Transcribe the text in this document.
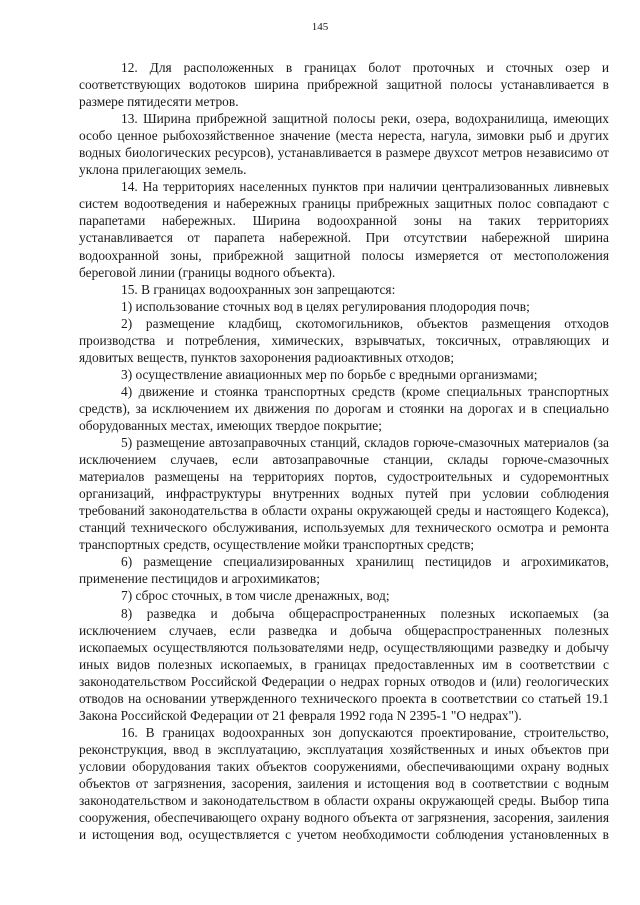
145

12. Для расположенных в границах болот проточных и сточных озер и соответствующих водотоков ширина прибрежной защитной полосы устанавливается в размере пятидесяти метров.

13. Ширина прибрежной защитной полосы реки, озера, водохранилища, имеющих особо ценное рыбохозяйственное значение (места нереста, нагула, зимовки рыб и других водных биологических ресурсов), устанавливается в размере двухсот метров независимо от уклона прилегающих земель.

14. На территориях населенных пунктов при наличии централизованных ливневых систем водоотведения и набережных границы прибрежных защитных полос совпадают с парапетами набережных. Ширина водоохранной зоны на таких территориях устанавливается от парапета набережной. При отсутствии набережной ширина водоохранной зоны, прибрежной защитной полосы измеряется от местоположения береговой линии (границы водного объекта).

15. В границах водоохранных зон запрещаются:

1) использование сточных вод в целях регулирования плодородия почв;

2) размещение кладбищ, скотомогильников, объектов размещения отходов производства и потребления, химических, взрывчатых, токсичных, отравляющих и ядовитых веществ, пунктов захоронения радиоактивных отходов;

3) осуществление авиационных мер по борьбе с вредными организмами;

4) движение и стоянка транспортных средств (кроме специальных транспортных средств), за исключением их движения по дорогам и стоянки на дорогах и в специально оборудованных местах, имеющих твердое покрытие;

5) размещение автозаправочных станций, складов горюче-смазочных материалов (за исключением случаев, если автозаправочные станции, склады горюче-смазочных материалов размещены на территориях портов, судостроительных и судоремонтных организаций, инфраструктуры внутренних водных путей при условии соблюдения требований законодательства в области охраны окружающей среды и настоящего Кодекса), станций технического обслуживания, используемых для технического осмотра и ремонта транспортных средств, осуществление мойки транспортных средств;

6) размещение специализированных хранилищ пестицидов и агрохимикатов, применение пестицидов и агрохимикатов;

7) сброс сточных, в том числе дренажных, вод;

8) разведка и добыча общераспространенных полезных ископаемых (за исключением случаев, если разведка и добыча общераспространенных полезных ископаемых осуществляются пользователями недр, осуществляющими разведку и добычу иных видов полезных ископаемых, в границах предоставленных им в соответствии с законодательством Российской Федерации о недрах горных отводов и (или) геологических отводов на основании утвержденного технического проекта в соответствии со статьей 19.1 Закона Российской Федерации от 21 февраля 1992 года N 2395-1 "О недрах").

16. В границах водоохранных зон допускаются проектирование, строительство, реконструкция, ввод в эксплуатацию, эксплуатация хозяйственных и иных объектов при условии оборудования таких объектов сооружениями, обеспечивающими охрану водных объектов от загрязнения, засорения, заиления и истощения вод в соответствии с водным законодательством и законодательством в области охраны окружающей среды. Выбор типа сооружения, обеспечивающего охрану водного объекта от загрязнения, засорения, заиления и истощения вод, осуществляется с учетом необходимости соблюдения установленных в
